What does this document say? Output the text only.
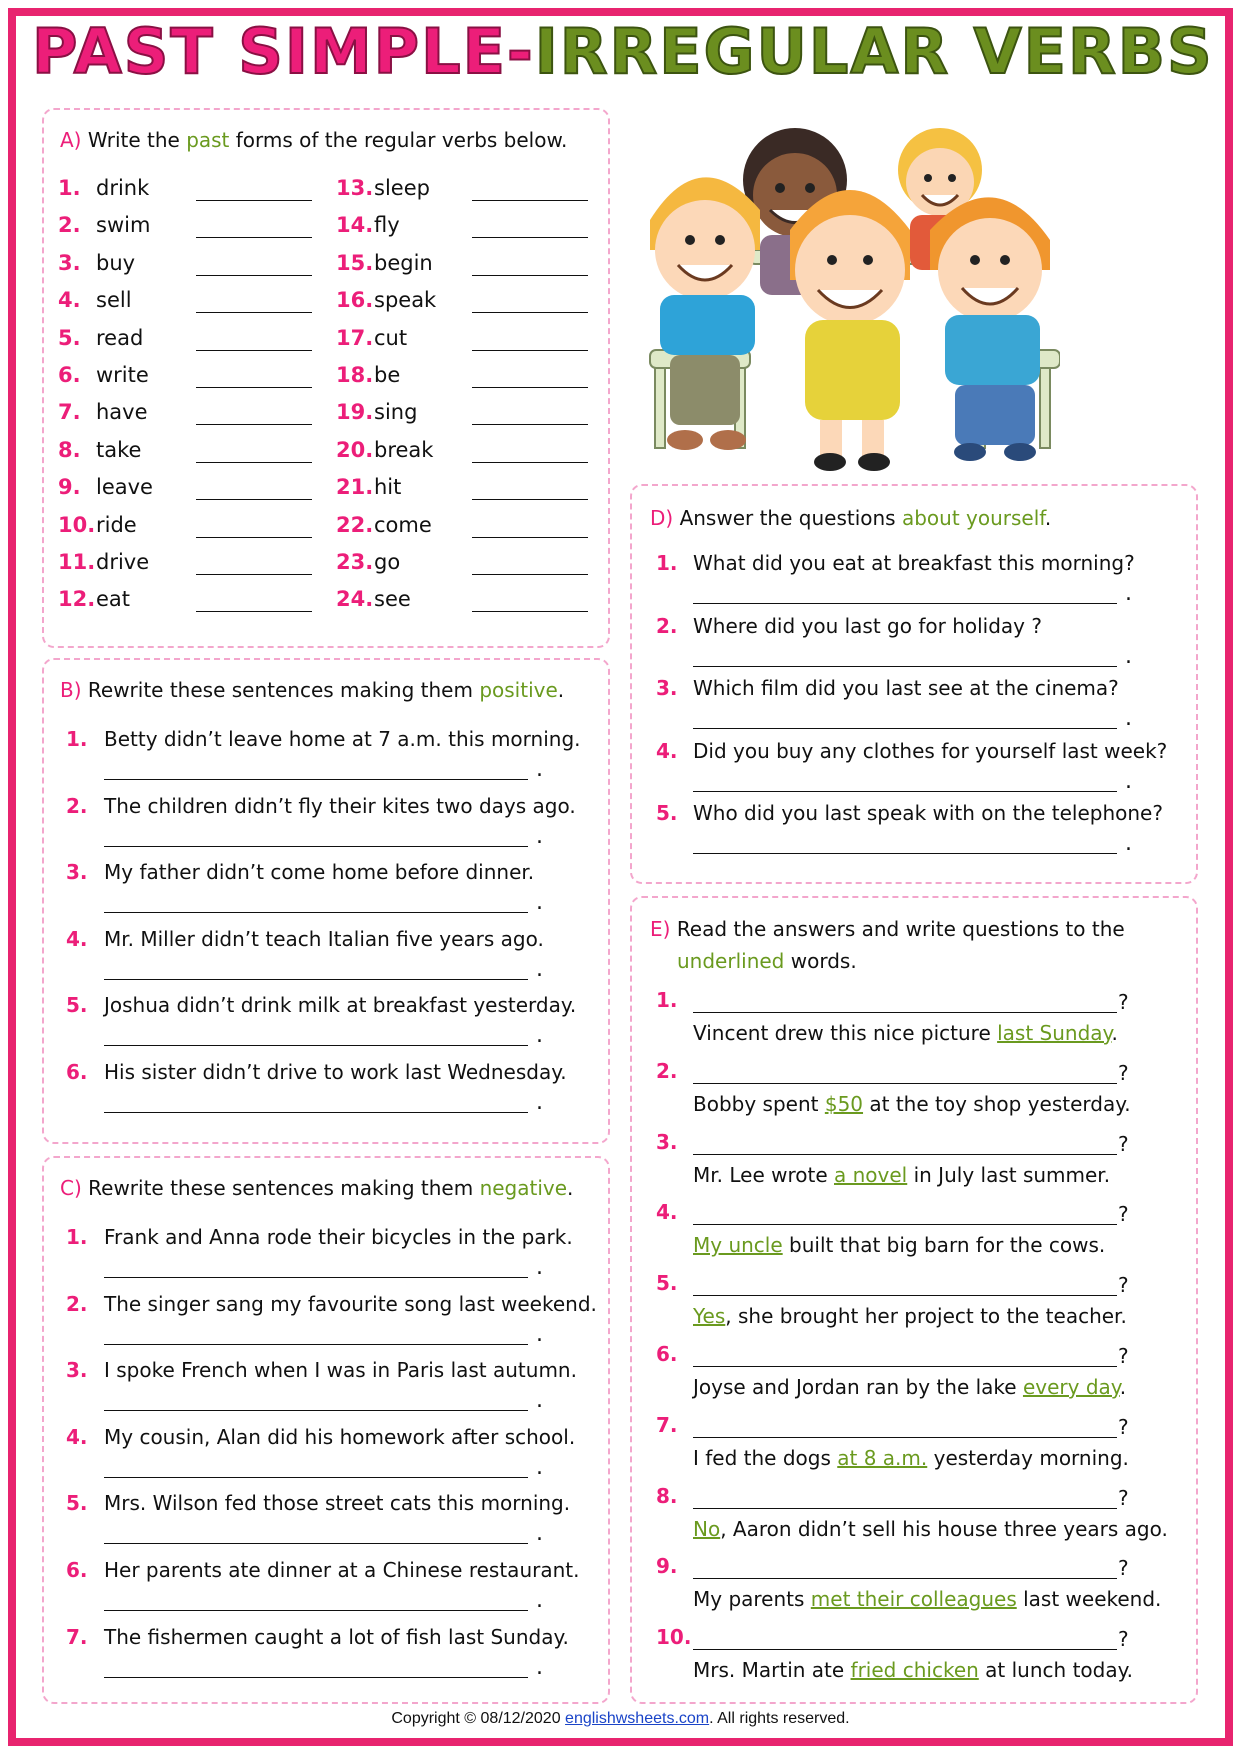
PAST SIMPLE-IRREGULAR VERBS
A) Write the past forms of the regular verbs below.
1. drink
2. swim
3. buy
4. sell
5. read
6. write
7. have
8. take
9. leave
10.ride
11.drive
12.eat
13.sleep
14.fly
15.begin
16.speak
17.cut
18.be
19.sing
20.break
21.hit
22.come
23.go
24.see
B) Rewrite these sentences making them positive.
1. Betty didn’t leave home at 7 a.m. this morning.
.
2. The children didn’t fly their kites two days ago.
.
3. My father didn’t come home before dinner.
.
4. Mr. Miller didn’t teach Italian five years ago.
.
5. Joshua didn’t drink milk at breakfast yesterday.
.
6. His sister didn’t drive to work last Wednesday.
.
C) Rewrite these sentences making them negative.
1. Frank and Anna rode their bicycles in the park.
.
2. The singer sang my favourite song last weekend.
.
3. I spoke French when I was in Paris last autumn.
.
4. My cousin, Alan did his homework after school.
.
5. Mrs. Wilson fed those street cats this morning.
.
6. Her parents ate dinner at a Chinese restaurant.
.
7. The fishermen caught a lot of fish last Sunday.
.
D) Answer the questions about yourself.
1. What did you eat at breakfast this morning?
.
2. Where did you last go for holiday ?
.
3. Which film did you last see at the cinema?
.
4. Did you buy any clothes for yourself last week?
.
5. Who did you last speak with on the telephone?
.
E) Read the answers and write questions to the
underlined words.
1.	?
Vincent drew this nice picture last Sunday.
2.	?
Bobby spent $50 at the toy shop yesterday.
3.	?
Mr. Lee wrote a novel in July last summer.
4.	?
My uncle built that big barn for the cows.
5.	?
Yes, she brought her project to the teacher.
6.	?
Joyse and Jordan ran by the lake every day.
7.	?
I fed the dogs at 8 a.m. yesterday morning.
8.	?
No, Aaron didn’t sell his house three years ago.
9.	?
My parents met their colleagues last weekend.
10.	?
Mrs. Martin ate fried chicken at lunch today.
Copyright © 08/12/2020 englishwsheets.com. All rights reserved.
